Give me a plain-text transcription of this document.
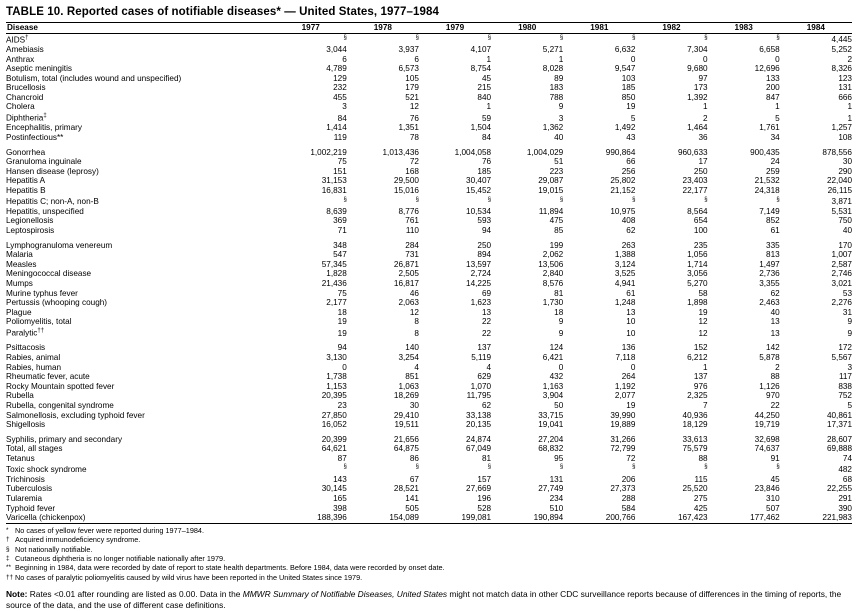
TABLE 10. Reported cases of notifiable diseases* — United States, 1977–1984
Disease	1977	1978	1979	1980	1981	1982	1983	1984
AIDS†	§	§	§	§	§	§	§	4,445
Amebiasis	3,044	3,937	4,107	5,271	6,632	7,304	6,658	5,252
Anthrax	6	6	1	1	0	0	0	2
Aseptic meningitis	4,789	6,573	8,754	8,028	9,547	9,680	12,696	8,326
Botulism, total (includes wound and unspecified)	129	105	45	89	103	97	133	123
Brucellosis	232	179	215	183	185	173	200	131
Chancroid	455	521	840	788	850	1,392	847	666
Cholera	3	12	1	9	19	1	1	1
Diphtheria‡	84	76	59	3	5	2	5	1
Encephalitis, primary	1,414	1,351	1,504	1,362	1,492	1,464	1,761	1,257
Postinfectious**	119	78	84	40	43	36	34	108
Gonorrhea	1,002,219	1,013,436	1,004,058	1,004,029	990,864	960,633	900,435	878,556
Granuloma inguinale	75	72	76	51	66	17	24	30
Hansen disease (leprosy)	151	168	185	223	256	250	259	290
Hepatitis A	31,153	29,500	30,407	29,087	25,802	23,403	21,532	22,040
Hepatitis B	16,831	15,016	15,452	19,015	21,152	22,177	24,318	26,115
Hepatitis C; non-A, non-B	§	§	§	§	§	§	§	3,871
Hepatitis, unspecified	8,639	8,776	10,534	11,894	10,975	8,564	7,149	5,531
Legionellosis	369	761	593	475	408	654	852	750
Leptospirosis	71	110	94	85	62	100	61	40
Lymphogranuloma venereum	348	284	250	199	263	235	335	170
Malaria	547	731	894	2,062	1,388	1,056	813	1,007
Measles	57,345	26,871	13,597	13,506	3,124	1,714	1,497	2,587
Meningococcal disease	1,828	2,505	2,724	2,840	3,525	3,056	2,736	2,746
Mumps	21,436	16,817	14,225	8,576	4,941	5,270	3,355	3,021
Murine typhus fever	75	46	69	81	61	58	62	53
Pertussis (whooping cough)	2,177	2,063	1,623	1,730	1,248	1,898	2,463	2,276
Plague	18	12	13	18	13	19	40	31
Poliomyelitis, total	19	8	22	9	10	12	13	9
Paralytic††	19	8	22	9	10	12	13	9
Psittacosis	94	140	137	124	136	152	142	172
Rabies, animal	3,130	3,254	5,119	6,421	7,118	6,212	5,878	5,567
Rabies, human	0	4	4	0	0	1	2	3
Rheumatic fever, acute	1,738	851	629	432	264	137	88	117
Rocky Mountain spotted fever	1,153	1,063	1,070	1,163	1,192	976	1,126	838
Rubella	20,395	18,269	11,795	3,904	2,077	2,325	970	752
Rubella, congenital syndrome	23	30	62	50	19	7	22	5
Salmonellosis, excluding typhoid fever	27,850	29,410	33,138	33,715	39,990	40,936	44,250	40,861
Shigellosis	16,052	19,511	20,135	19,041	19,889	18,129	19,719	17,371
Syphilis, primary and secondary	20,399	21,656	24,874	27,204	31,266	33,613	32,698	28,607
Total, all stages	64,621	64,875	67,049	68,832	72,799	75,579	74,637	69,888
Tetanus	87	86	81	95	72	88	91	74
Toxic shock syndrome	§	§	§	§	§	§	§	482
Trichinosis	143	67	157	131	206	115	45	68
Tuberculosis	30,145	28,521	27,669	27,749	27,373	25,520	23,846	22,255
Tularemia	165	141	196	234	288	275	310	291
Typhoid fever	398	505	528	510	584	425	507	390
Varicella (chickenpox)	188,396	154,089	199,081	190,894	200,766	167,423	177,462	221,983
* No cases of yellow fever were reported during 1977–1984.
† Acquired immunodeficiency syndrome.
§ Not nationally notifiable.
‡ Cutaneous diphtheria is no longer notifiable nationally after 1979.
** Beginning in 1984, data were recorded by date of report to state health departments. Before 1984, data were recorded by onset date.
†† No cases of paralytic poliomyelitis caused by wild virus have been reported in the United States since 1979.
Note: Rates <0.01 after rounding are listed as 0.00. Data in the MMWR Summary of Notifiable Diseases, United States might not match data in other CDC surveillance reports because of differences in the timing of reports, the source of the data, and the use of different case definitions.
